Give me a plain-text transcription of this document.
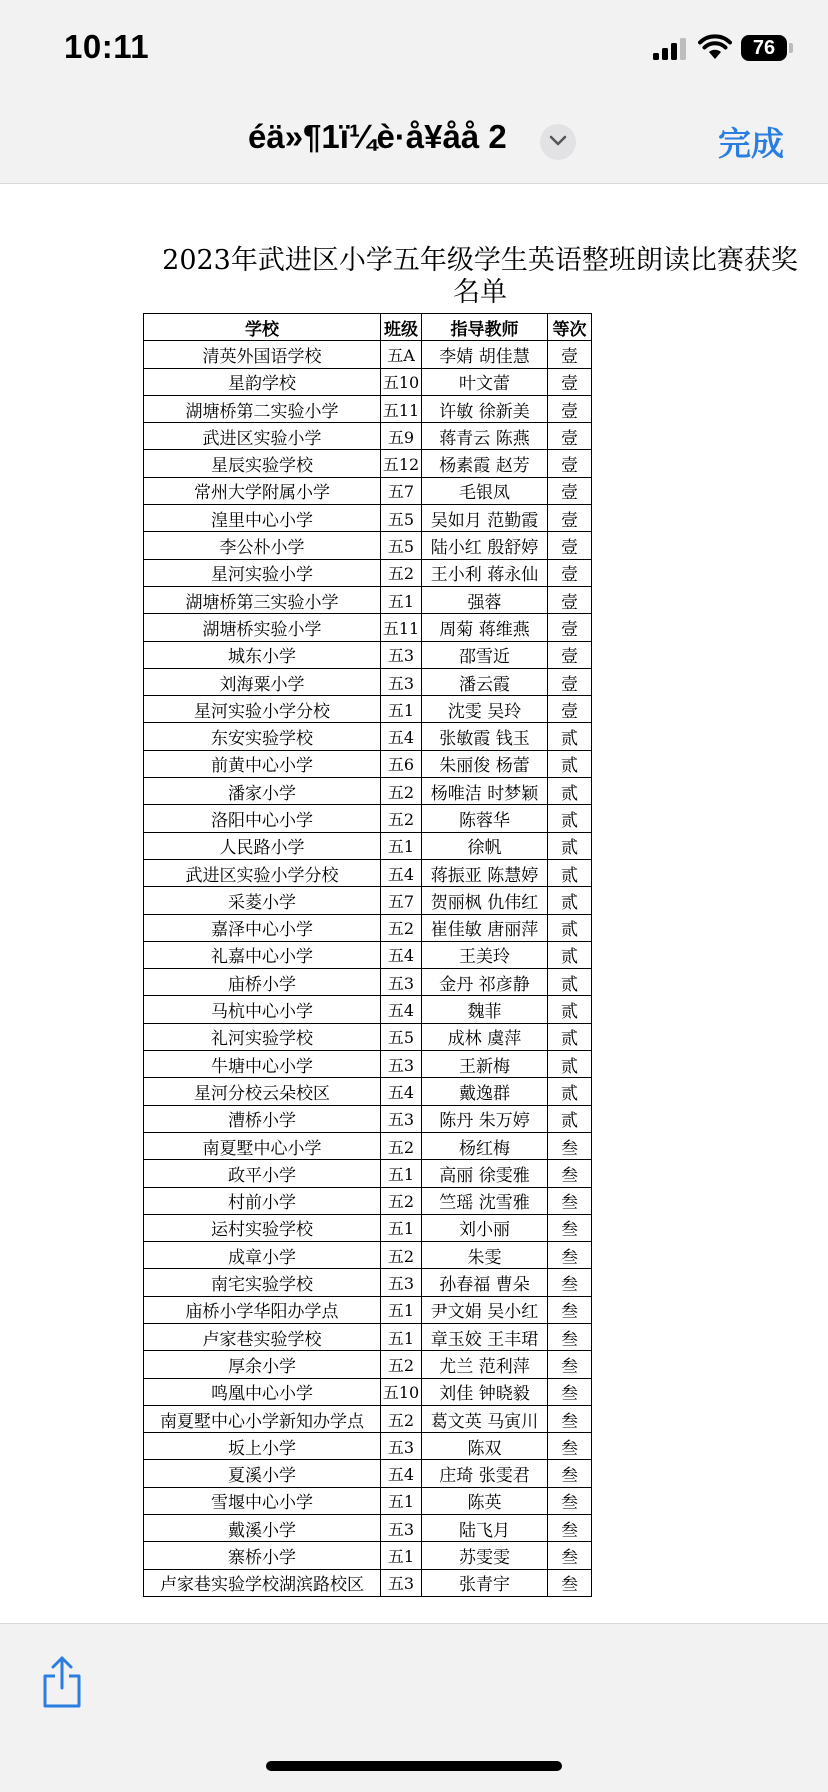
10:11	76
éä»¶1ï¼è·å¥åå 2	完成
2023年武进区小学五年级学生英语整班朗读比赛获奖
名单
学校	班级	指导教师	等次
清英外国语学校	五A	李婧 胡佳慧	壹
星韵学校	五10	叶文蕾	壹
湖塘桥第二实验小学	五11	许敏 徐新美	壹
武进区实验小学	五9	蒋青云 陈燕	壹
星辰实验学校	五12	杨素霞 赵芳	壹
常州大学附属小学	五7	毛银凤	壹
湟里中心小学	五5	吴如月 范勤霞	壹
李公朴小学	五5	陆小红 殷舒婷	壹
星河实验小学	五2	王小利 蒋永仙	壹
湖塘桥第三实验小学	五1	强蓉	壹
湖塘桥实验小学	五11	周菊 蒋维燕	壹
城东小学	五3	邵雪近	壹
刘海粟小学	五3	潘云霞	壹
星河实验小学分校	五1	沈雯 吴玲	壹
东安实验学校	五4	张敏霞 钱玉	贰
前黄中心小学	五6	朱丽俊 杨蕾	贰
潘家小学	五2	杨唯洁 时梦颖	贰
洛阳中心小学	五2	陈蓉华	贰
人民路小学	五1	徐帆	贰
武进区实验小学分校	五4	蒋振亚 陈慧婷	贰
采菱小学	五7	贺丽枫 仇伟红	贰
嘉泽中心小学	五2	崔佳敏 唐丽萍	贰
礼嘉中心小学	五4	王美玲	贰
庙桥小学	五3	金丹 祁彦静	贰
马杭中心小学	五4	魏菲	贰
礼河实验学校	五5	成林 虞萍	贰
牛塘中心小学	五3	王新梅	贰
星河分校云朵校区	五4	戴逸群	贰
漕桥小学	五3	陈丹 朱万婷	贰
南夏墅中心小学	五2	杨红梅	叁
政平小学	五1	高丽 徐雯雅	叁
村前小学	五2	竺瑶 沈雪雅	叁
运村实验学校	五1	刘小丽	叁
成章小学	五2	朱雯	叁
南宅实验学校	五3	孙春福 曹朵	叁
庙桥小学华阳办学点	五1	尹文娟 吴小红	叁
卢家巷实验学校	五1	章玉姣 王丰珺	叁
厚余小学	五2	尤兰 范利萍	叁
鸣凰中心小学	五10	刘佳 钟晓毅	叁
南夏墅中心小学新知办学点	五2	葛文英 马寅川	叁
坂上小学	五3	陈双	叁
夏溪小学	五4	庄琦 张雯君	叁
雪堰中心小学	五1	陈英	叁
戴溪小学	五3	陆飞月	叁
寨桥小学	五1	苏雯雯	叁
卢家巷实验学校湖滨路校区	五3	张青宇	叁
